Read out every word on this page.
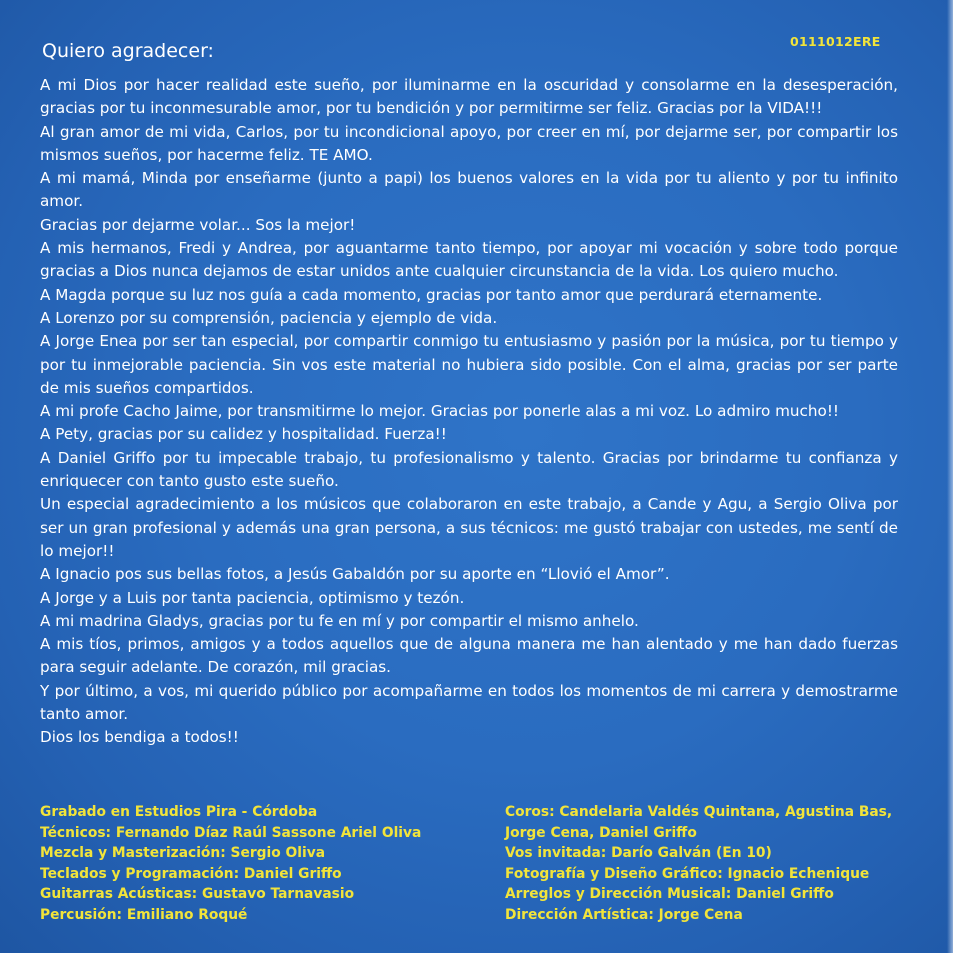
0111012ERE
Quiero agradecer:

A mi Dios por hacer realidad este sueño, por iluminarme en la oscuridad y consolarme en la desesperación, gracias por tu inconmesurable amor, por tu bendición y por permitirme ser feliz. Gracias por la VIDA!!!

Al gran amor de mi vida, Carlos, por tu incondicional apoyo, por creer en mí, por dejarme ser, por compartir los mismos sueños, por hacerme feliz. TE AMO.

A mi mamá, Minda por enseñarme (junto a papi) los buenos valores en la vida por tu aliento y por tu infinito amor.

Gracias por dejarme volar... Sos la mejor!

A mis hermanos, Fredi y Andrea, por aguantarme tanto tiempo, por apoyar mi vocación y sobre todo porque gracias a Dios nunca dejamos de estar unidos ante cualquier circunstancia de la vida. Los quiero mucho.

A Magda porque su luz nos guía a cada momento, gracias por tanto amor que perdurará eternamente.

A Lorenzo por su comprensión, paciencia y ejemplo de vida.

A Jorge Enea por ser tan especial, por compartir conmigo tu entusiasmo y pasión por la música, por tu tiempo y por tu inmejorable paciencia. Sin vos este material no hubiera sido posible. Con el alma, gracias por ser parte de mis sueños compartidos.

A mi profe Cacho Jaime, por transmitirme lo mejor. Gracias por ponerle alas a mi voz. Lo admiro mucho!!

A Pety, gracias por su calidez y hospitalidad. Fuerza!!

A Daniel Griffo por tu impecable trabajo, tu profesionalismo y talento. Gracias por brindarme tu confianza y enriquecer con tanto gusto este sueño.

Un especial agradecimiento a los músicos que colaboraron en este trabajo, a Cande y Agu, a Sergio Oliva por ser un gran profesional y además una gran persona, a sus técnicos: me gustó trabajar con ustedes, me sentí de lo mejor!!

A Ignacio pos sus bellas fotos, a Jesús Gabaldón por su aporte en “Llovió el Amor”.

A Jorge y a Luis por tanta paciencia, optimismo y tezón.

A mi madrina Gladys, gracias por tu fe en mí y por compartir el mismo anhelo.

A mis tíos, primos, amigos y a todos aquellos que de alguna manera me han alentado y me han dado fuerzas para seguir adelante. De corazón, mil gracias.

Y por último, a vos, mi querido público por acompañarme en todos los momentos de mi carrera y demostrarme tanto amor.

Dios los bendiga a todos!!

Grabado en Estudios Pira - Córdoba
Técnicos: Fernando Díaz Raúl Sassone Ariel Oliva
Mezcla y Masterización: Sergio Oliva
Teclados y Programación: Daniel Griffo
Guitarras Acústicas: Gustavo Tarnavasio
Percusión: Emiliano Roqué
Coros: Candelaria Valdés Quintana, Agustina Bas,
Jorge Cena, Daniel Griffo
Vos invitada: Darío Galván (En 10)
Fotografía y Diseño Gráfico: Ignacio Echenique
Arreglos y Dirección Musical: Daniel Griffo
Dirección Artística: Jorge Cena
